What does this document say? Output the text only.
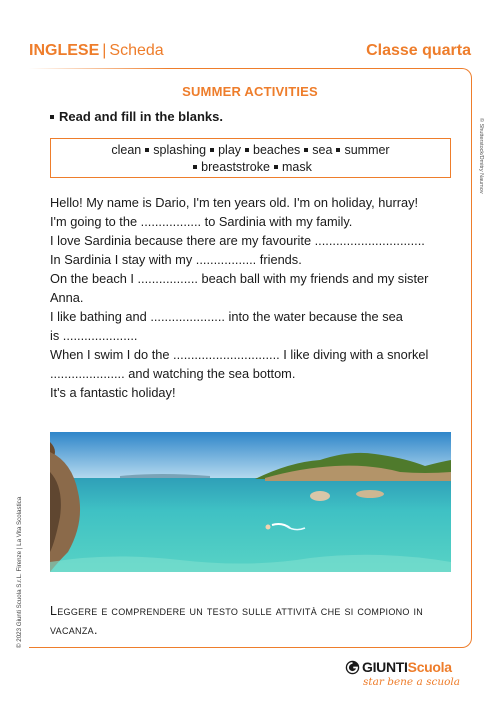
INGLESE | Scheda	Classe quarta
SUMMER ACTIVITIES
Read and fill in the blanks.
clean splashing play beaches sea summer
breaststroke mask

Hello! My name is Dario, I'm ten years old. I'm on holiday, hurray!

I'm going to the ................. to Sardinia with my family.

I love Sardinia because there are my favourite ...............................

In Sardinia I stay with my ................. friends.

On the beach I ................. beach ball with my friends and my sister

Anna.

I like bathing and ..................... into the water because the sea

is .....................

When I swim I do the .............................. I like diving with a snorkel

..................... and watching the sea bottom.

It's a fantastic holiday!

Leggere e comprendere un testo sulle attività che si compiono in vacanza.
© Shutterstock/Dmitry Naumov
© 2023 Giunti Scuola S.r.L. Firenze | La Vita Scolastica
GIUNTIScuola
star bene a scuola
